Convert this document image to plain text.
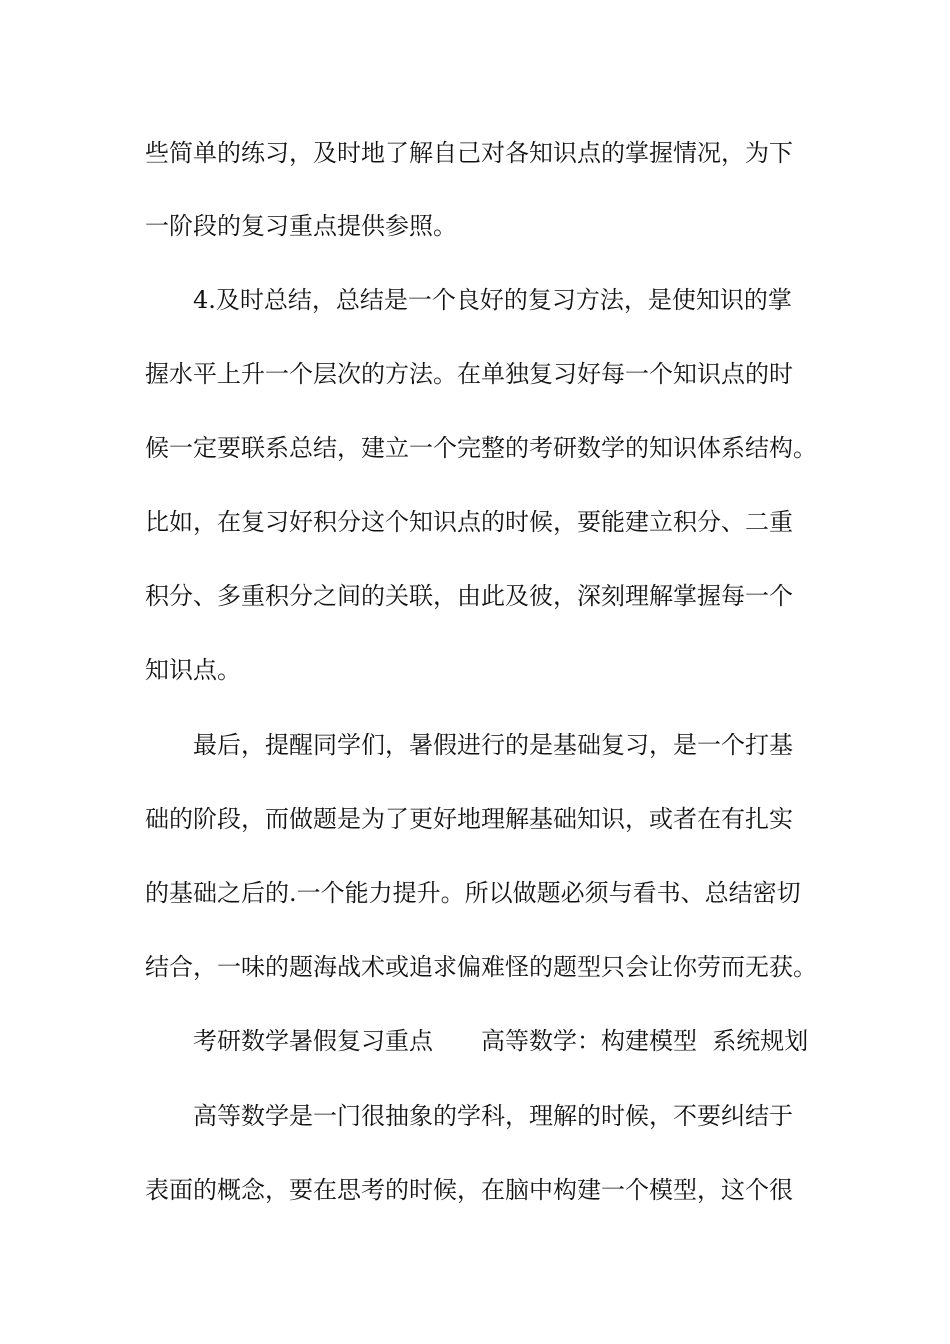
些简单的练习，及时地了解自己对各知识点的掌握情况，为下
一阶段的复习重点提供参照。
4.及时总结，总结是一个良好的复习方法，是使知识的掌
握水平上升一个层次的方法。在单独复习好每一个知识点的时
候一定要联系总结，建立一个完整的考研数学的知识体系结构。
比如，在复习好积分这个知识点的时候，要能建立积分、二重
积分、多重积分之间的关联，由此及彼，深刻理解掌握每一个
知识点。
最后，提醒同学们，暑假进行的是基础复习，是一个打基
础的阶段，而做题是为了更好地理解基础知识，或者在有扎实
的基础之后的.一个能力提升。所以做题必须与看书、总结密切
结合，一味的题海战术或追求偏难怪的题型只会让你劳而无获。
考研数学暑假复习重点 高等数学：构建模型  系统规划
高等数学是一门很抽象的学科，理解的时候，不要纠结于
表面的概念，要在思考的时候，在脑中构建一个模型，这个很
